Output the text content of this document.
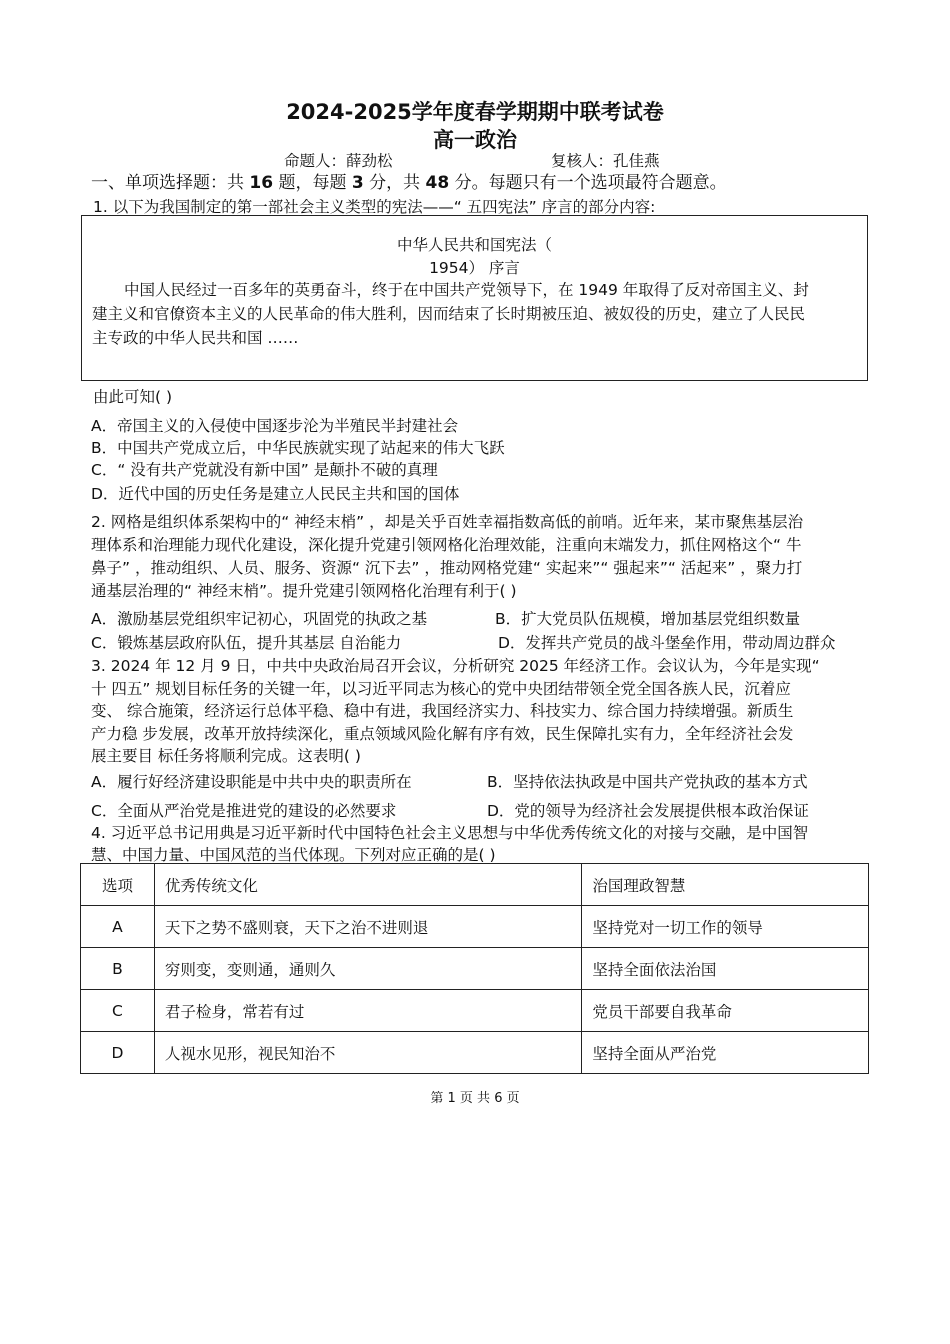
2024-2025学年度春学期期中联考试卷
高一政治
命题人：薛劲松	复核人：孔佳燕
一、单项选择题：共 16 题，每题 3 分，共 48 分。每题只有一个选项最符合题意。
1. 以下为我国制定的第一部社会主义类型的宪法——“ 五四宪法” 序言的部分内容:
中华人民共和国宪法（
1954） 序言
中国人民经过一百多年的英勇奋斗，终于在中国共产党领导下，在 1949 年取得了反对帝国主义、封
建主义和官僚资本主义的人民革命的伟大胜利，因而结束了长时期被压迫、被奴役的历史，建立了人民民
主专政的中华人民共和国 ……
由此可知( )
A．帝国主义的入侵使中国逐步沦为半殖民半封建社会
B．中国共产党成立后，中华民族就实现了站起来的伟大飞跃
C．“ 没有共产党就没有新中国” 是颠扑不破的真理
D．近代中国的历史任务是建立人民民主共和国的国体
2. 网格是组织体系架构中的“ 神经末梢” ，却是关乎百姓幸福指数高低的前哨。近年来，某市聚焦基层治
理体系和治理能力现代化建设，深化提升党建引领网格化治理效能，注重向末端发力，抓住网格这个“ 牛
鼻子” ，推动组织、人员、服务、资源“ 沉下去” ，推动网格党建“ 实起来”“ 强起来”“ 活起来” ，聚力打
通基层治理的“ 神经末梢”。提升党建引领网格化治理有利于( )
A．激励基层党组织牢记初心，巩固党的执政之基	B．扩大党员队伍规模，增加基层党组织数量
C．锻炼基层政府队伍，提升其基层 自治能力	D．发挥共产党员的战斗堡垒作用，带动周边群众
3. 2024 年 12 月 9 日，中共中央政治局召开会议，分析研究 2025 年经济工作。会议认为，今年是实现“
十 四五” 规划目标任务的关键一年，以习近平同志为核心的党中央团结带领全党全国各族人民，沉着应
变、 综合施策，经济运行总体平稳、稳中有进，我国经济实力、科技实力、综合国力持续增强。新质生
产力稳 步发展，改革开放持续深化，重点领域风险化解有序有效，民生保障扎实有力，全年经济社会发
展主要目 标任务将顺利完成。这表明( )
A．履行好经济建设职能是中共中央的职责所在	B．坚持依法执政是中国共产党执政的基本方式
C．全面从严治党是推进党的建设的必然要求	D．党的领导为经济社会发展提供根本政治保证
4. 习近平总书记用典是习近平新时代中国特色社会主义思想与中华优秀传统文化的对接与交融，是中国智
慧、中国力量、中国风范的当代体现。下列对应正确的是( )
选项	优秀传统文化	治国理政智慧
A	天下之势不盛则衰，天下之治不进则退	坚持党对一切工作的领导
B	穷则变，变则通，通则久	坚持全面依法治国
C	君子检身，常若有过	党员干部要自我革命
D	人视水见形，视民知治不	坚持全面从严治党
第 1 页 共 6 页
